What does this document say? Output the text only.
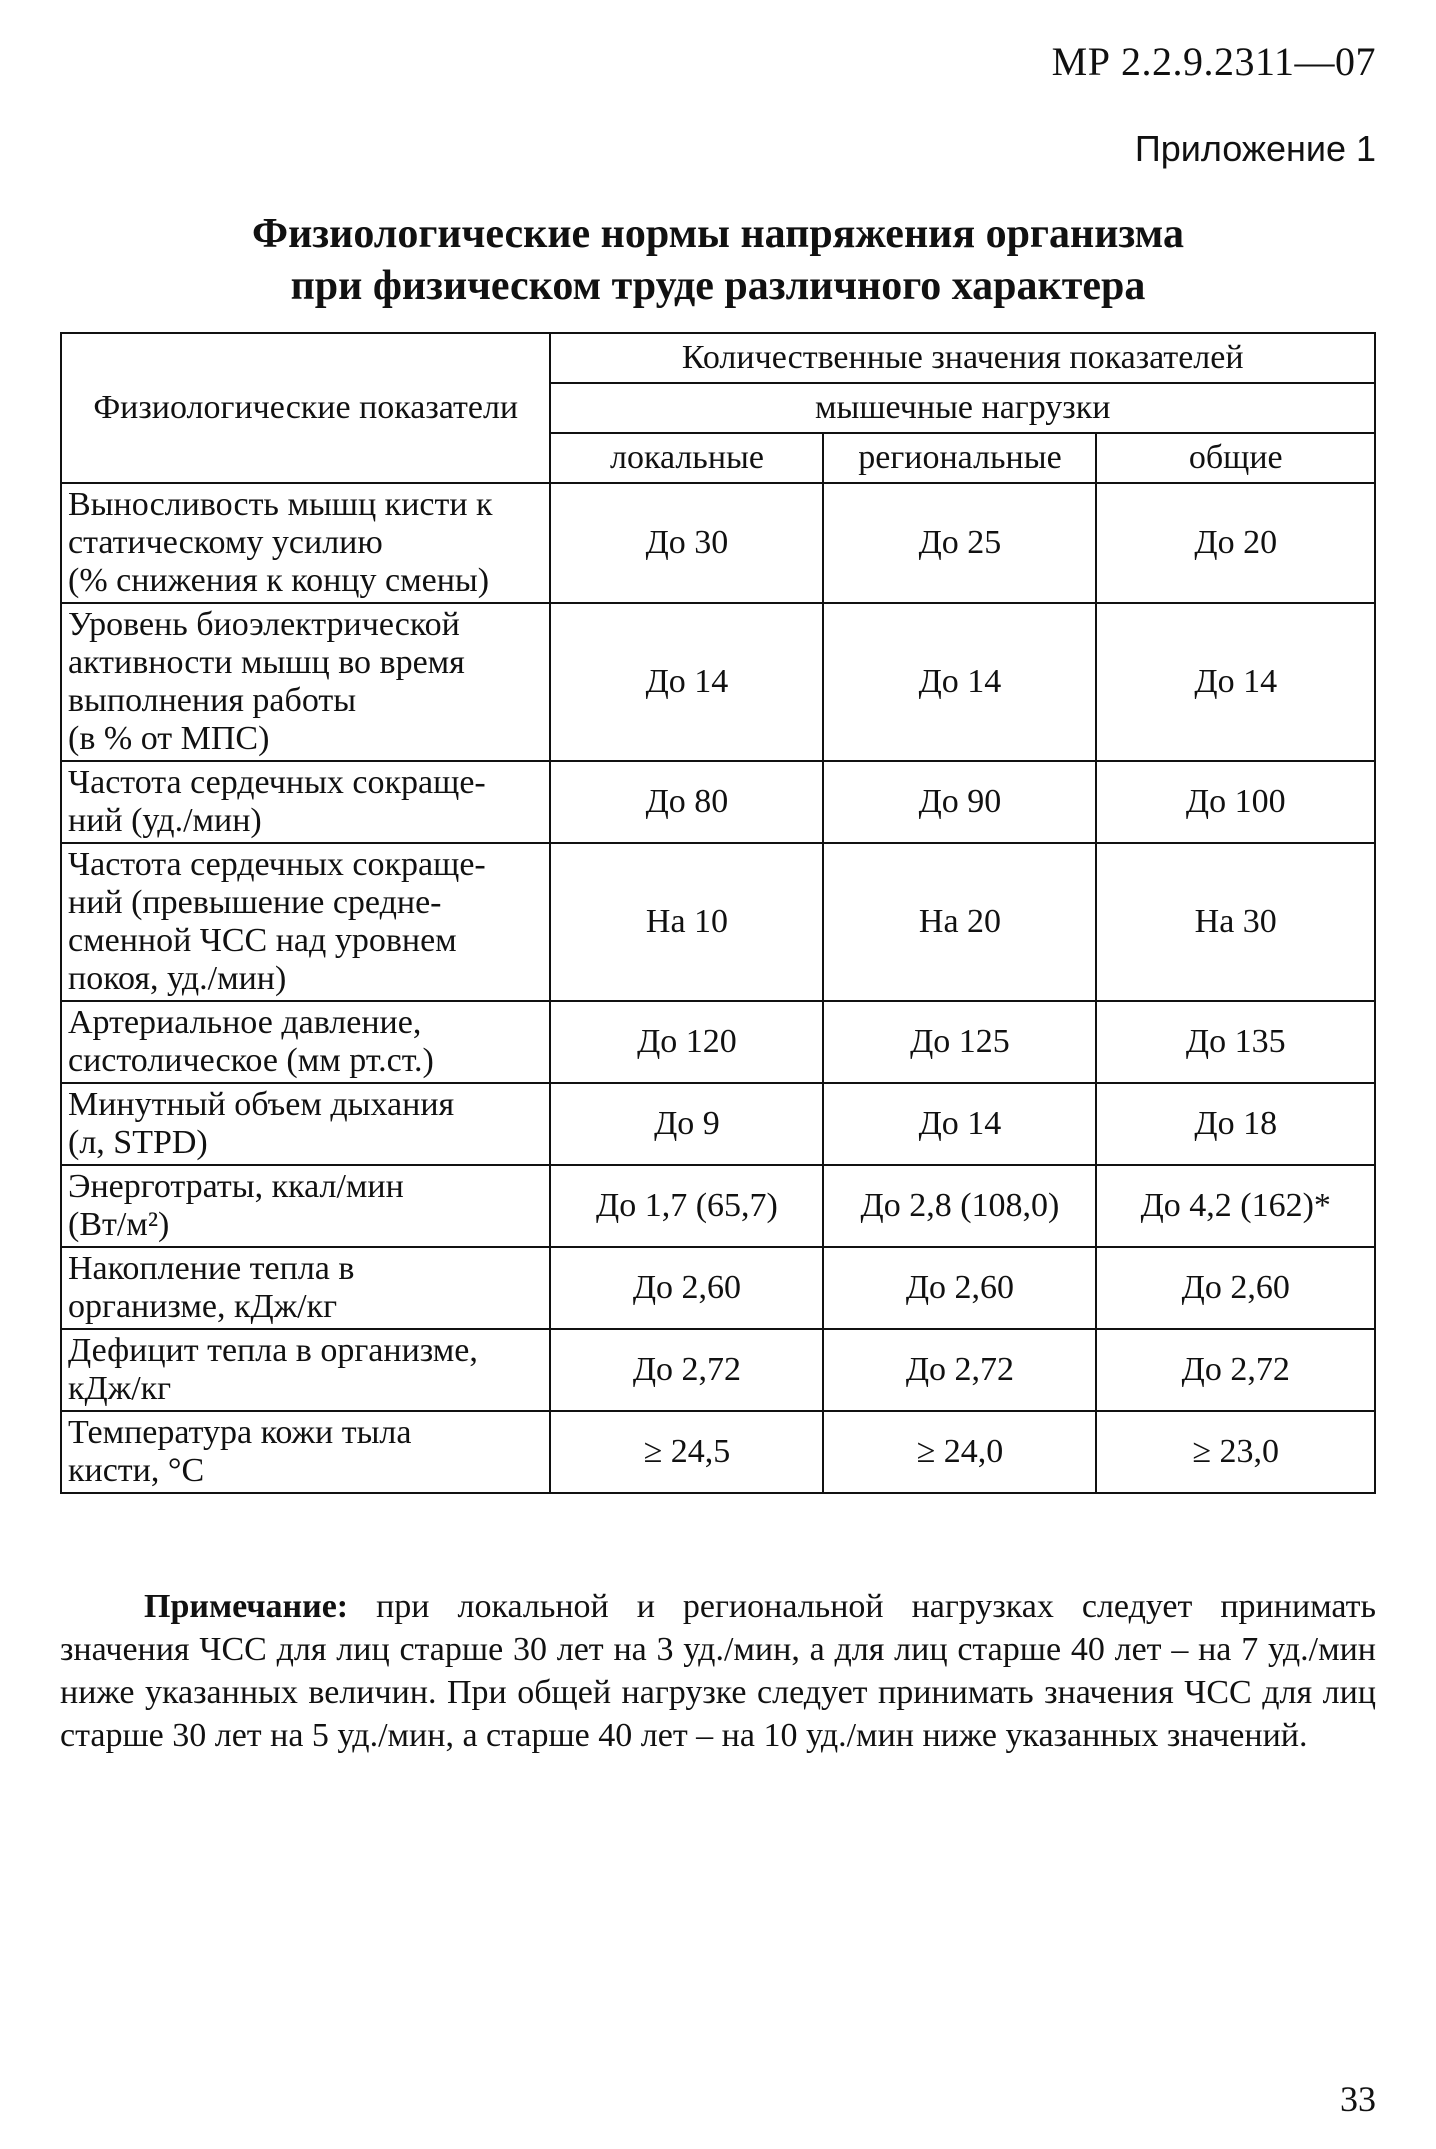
МР 2.2.9.2311—07
Приложение 1
Физиологические нормы напряжения организма
при физическом труде различного характера
Физиологические показатели	Количественные значения показателей		
	мышечные нагрузки		
	локальные	региональные	общие

Выносливость мышц кисти к
статическому усилию
(% снижения к концу смены)	До 30	До 25	До 20

Уровень биоэлектрической
активности мышц во время
выполнения работы
(в % от МПС)	До 14	До 14	До 14

Частота сердечных сокраще-
ний (уд./мин)	До 80	До 90	До 100

Частота сердечных сокраще-
ний (превышение средне-
сменной ЧСС над уровнем
покоя, уд./мин)	На 10	На 20	На 30

Артериальное давление,
систолическое (мм рт.ст.)	До 120	До 125	До 135

Минутный объем дыхания
(л, STPD)	До 9	До 14	До 18

Энерготраты, ккал/мин
(Вт/м²)	До 1,7 (65,7)	До 2,8 (108,0)	До 4,2 (162)*

Накопление тепла в
организме, кДж/кг	До 2,60	До 2,60	До 2,60

Дефицит тепла в организме,
кДж/кг	До 2,72	До 2,72	До 2,72

Температура кожи тыла
кисти, °С	≥ 24,5	≥ 24,0	≥ 23,0
Примечание: при локальной и региональной нагрузках следует принимать значения ЧСС для лиц старше 30 лет на 3 уд./мин, а для лиц старше 40 лет – на 7 уд./мин ниже указанных величин. При общей нагрузке следует принимать значения ЧСС для лиц старше 30 лет на 5 уд./мин, а старше 40 лет – на 10 уд./мин ниже указанных значений.
33
